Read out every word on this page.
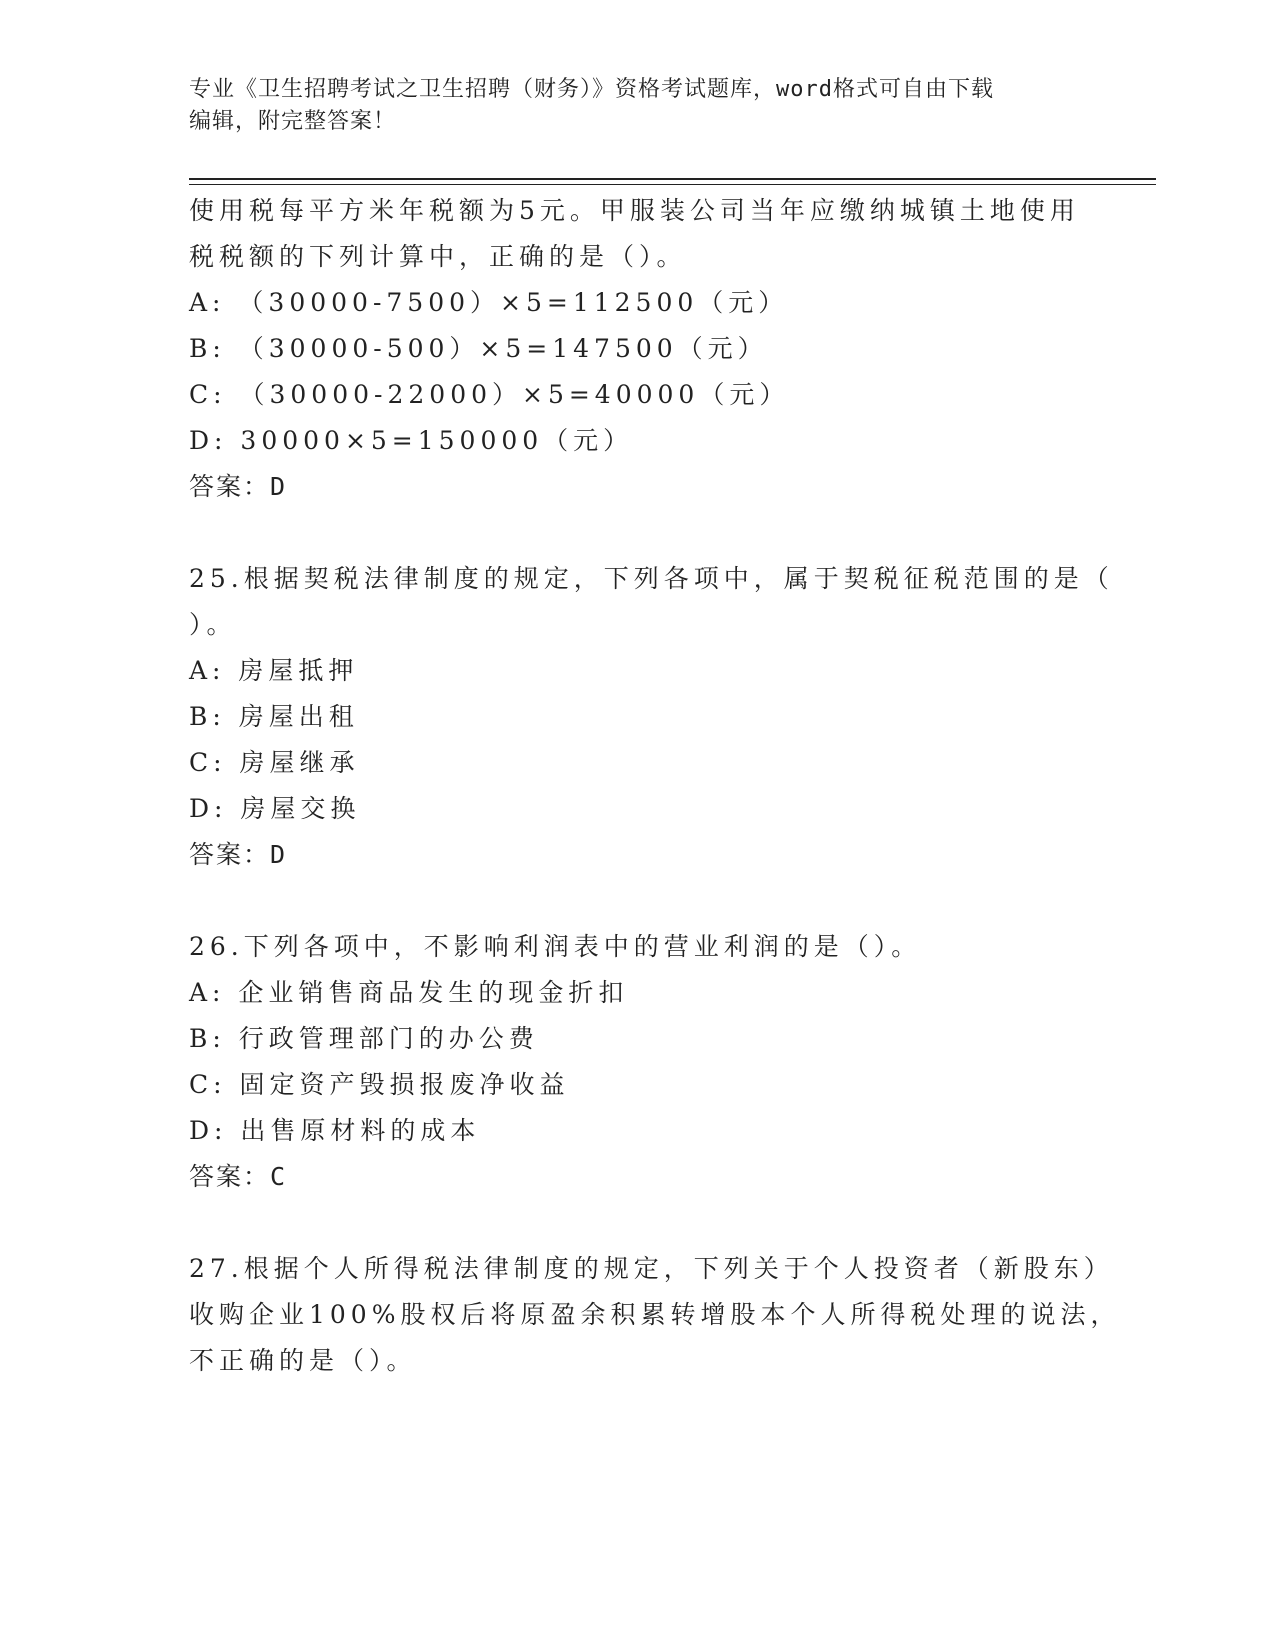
专业《卫生招聘考试之卫生招聘（财务）》资格考试题库，word格式可自由下载
编辑，附完整答案！
使用税每平方米年税额为5元。甲服装公司当年应缴纳城镇土地使用
税税额的下列计算中，正确的是（）。
A: （30000-7500）×5=112500（元）
B: （30000-500）×5=147500（元）
C: （30000-22000）×5=40000（元）
D: 30000×5=150000（元）
答案：D
25.根据契税法律制度的规定，下列各项中，属于契税征税范围的是（
）。
A: 房屋抵押
B: 房屋出租
C: 房屋继承
D: 房屋交换
答案：D
26.下列各项中，不影响利润表中的营业利润的是（）。
A: 企业销售商品发生的现金折扣
B: 行政管理部门的办公费
C: 固定资产毁损报废净收益
D: 出售原材料的成本
答案：C
27.根据个人所得税法律制度的规定，下列关于个人投资者（新股东）
收购企业100%股权后将原盈余积累转增股本个人所得税处理的说法，
不正确的是（）。
